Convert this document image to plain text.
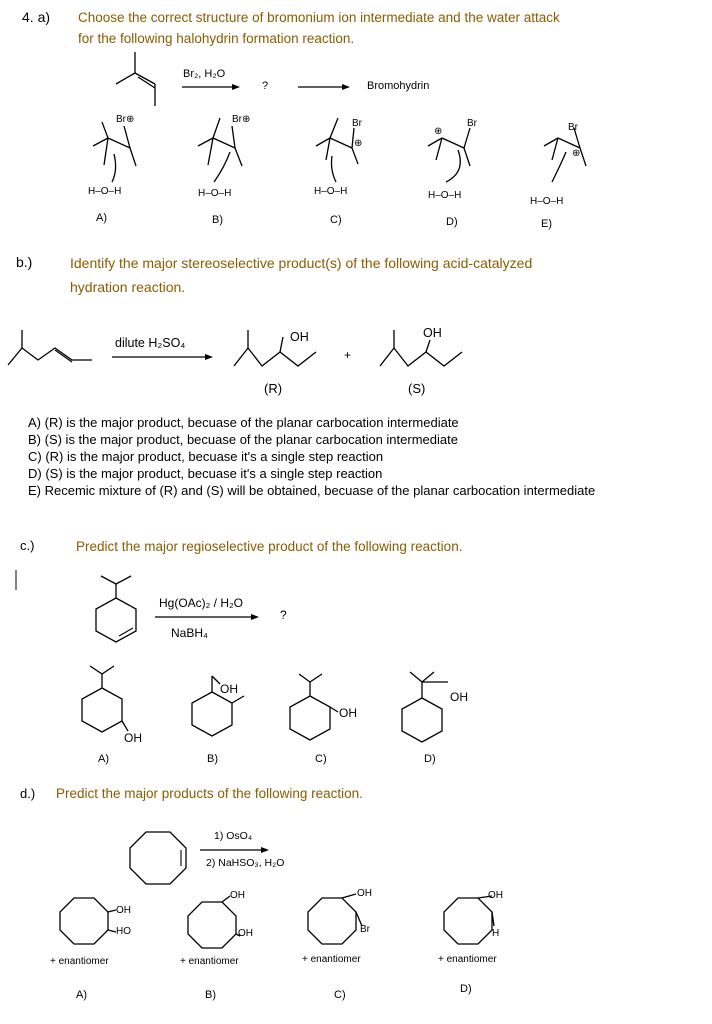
4. a) Choose the correct structure of bromonium ion intermediate and the water attack
for the following halohydrin formation reaction.
Br₂, H₂O
?	Bromohydrin
Br⊕	Br⊕	Br
⊕
Br
⊕	Br
⊕
H–O–H	H–O–H	H–O–H	H–O–H
H–O–H
A)	B)	C)	D)	E)
b.)	Identify the major stereoselective product(s) of the following acid-catalyzed
hydration reaction.
dilute H₂SO₄	OH
+
OH
(R)	(S)
A) (R) is the major product, becuase of the planar carbocation intermediate
B) (S) is the major product, becuase of the planar carbocation intermediate
C) (R) is the major product, becuase it's a single step reaction
D) (S) is the major product, becuase it's a single step reaction
E) Recemic mixture of (R) and (S) will be obtained, becuase of the planar carbocation intermediate
c.)	Predict the major regioselective product of the following reaction.
Hg(OAc)₂ / H₂O
NaBH₄
?
OH
OH
OH
OH
A)	B)	C)	D)
d.) Predict the major products of the following reaction.
1) OsO₄
2) NaHSO₃, H₂O
OH
HO
OH
OH
OH
Br
OH
H
+ enantiomer	+ enantiomer	+ enantiomer	+ enantiomer
A)	B)	C)	D)
